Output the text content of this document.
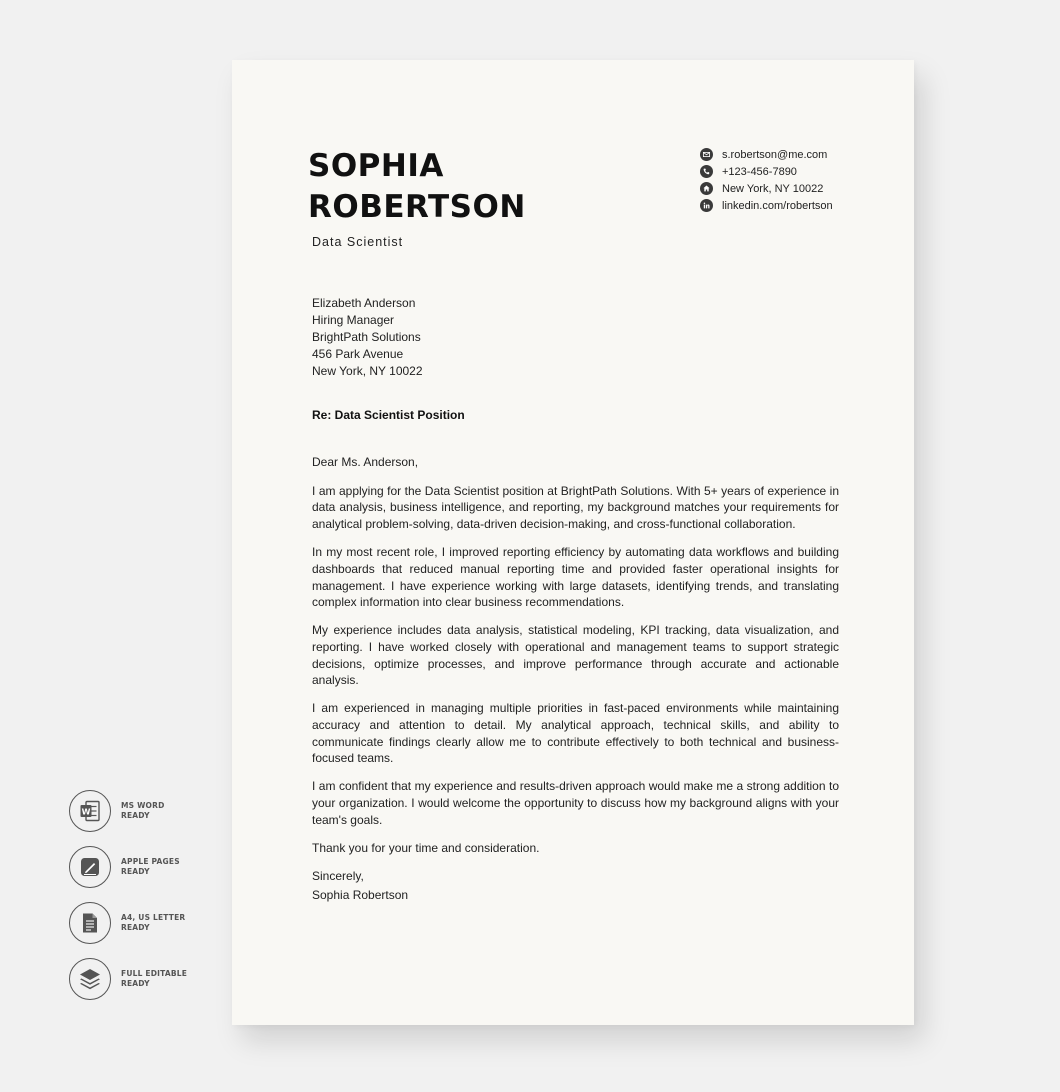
SOPHIA
ROBERTSON
Data Scientist
s.robertson@me.com
+123-456-7890
New York, NY 10022
linkedin.com/robertson
Elizabeth Anderson
Hiring Manager
BrightPath Solutions
456 Park Avenue
New York, NY 10022
Re: Data Scientist Position

Dear Ms. Anderson,

I am applying for the Data Scientist position at BrightPath Solutions. With 5+ years of experience in data analysis, business intelligence, and reporting, my background matches your requirements for analytical problem-solving, data-driven decision-making, and cross-functional collaboration.

In my most recent role, I improved reporting efficiency by automating data workflows and building dashboards that reduced manual reporting time and provided faster operational insights for management. I have experience working with large datasets, identifying trends, and translating complex information into clear business recommendations.

My experience includes data analysis, statistical modeling, KPI tracking, data visualization, and reporting. I have worked closely with operational and management teams to support strategic decisions, optimize processes, and improve performance through accurate and actionable analysis.

I am experienced in managing multiple priorities in fast-paced environments while maintaining accuracy and attention to detail. My analytical approach, technical skills, and ability to communicate findings clearly allow me to contribute effectively to both technical and business-focused teams.

I am confident that my experience and results-driven approach would make me a strong addition to your organization. I would welcome the opportunity to discuss how my background aligns with your team's goals.

Thank you for your time and consideration.

Sincerely,

Sophia Robertson

W
MS WORD
READY
APPLE PAGES
READY
A4, US LETTER
READY
FULL EDITABLE
READY
